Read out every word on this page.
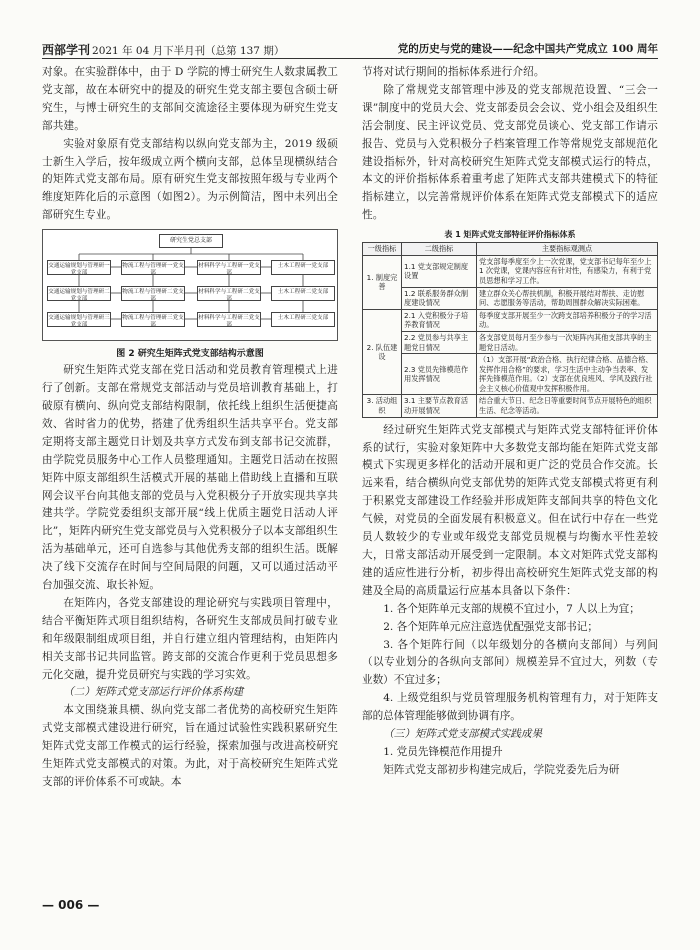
西部学刊 2021 年 04 月下半月刊（总第 137 期）	党的历史与党的建设——纪念中国共产党成立 100 周年

对象。在实验群体中，由于 D 学院的博士研究生人数隶属教工党支部，故在本研究中的提及的研究生党支部主要包含硕士研究生，与博士研究生的支部间交流途径主要体现为研究生党支部共建。

实验对象原有党支部结构以纵向党支部为主，2019 级硕士新生入学后，按年级成立两个横向支部，总体呈现横纵结合的矩阵式党支部布局。原有研究生党支部按照年级与专业两个维度矩阵化后的示意图（如图2）。为示例简洁，图中未列出全部研究生专业。

研究生党总支部
交通运输规划与管理研一党支部
物流工程与管理研一党支部
材料科学与工程研一党支部
土木工程研一党支部
交通运输规划与管理研二党支部
物流工程与管理研二党支部
材料科学与工程研二党支部
土木工程研二党支部
交通运输规划与管理研三党支部
物流工程与管理研三党支部
材料科学与工程研三党支部
土木工程研三党支部
图 2 研究生矩阵式党支部结构示意图

研究生矩阵式党支部在党日活动和党员教育管理模式上进行了创新。支部在常规党支部活动与党员培训教育基础上，打破原有横向、纵向党支部结构限制，依托线上组织生活便捷高效、省时省力的优势，搭建了优秀组织生活共享平台。党支部定期将支部主题党日计划及共享方式发布到支部书记交流群，由学院党员服务中心工作人员整理通知。主题党日活动在按照矩阵中原支部组织生活模式开展的基础上借助线上直播和互联网会议平台向其他支部的党员与入党积极分子开放实现共享共建共学。学院党委组织支部开展“线上优质主题党日活动人评比”，矩阵内研究生党支部党员与入党积极分子以本支部组织生活为基础单元，还可自选参与其他优秀支部的组织生活。既解决了线下交流存在时间与空间局限的问题，又可以通过活动平台加强交流、取长补短。

在矩阵内，各党支部建设的理论研究与实践项目管理中，结合平衡矩阵式项目组织结构，各研究生支部成员间打破专业和年级限制组成项目组，并自行建立组内管理结构，由矩阵内相关支部书记共同监管。跨支部的交流合作更利于党员思想多元化交融，提升党员研究与实践的学习实效。

（二）矩阵式党支部运行评价体系构建

本文围绕兼具横、纵向党支部二者优势的高校研究生矩阵式党支部模式建设进行研究，旨在通过试验性实践积累研究生矩阵式党支部工作模式的运行经验，探索加强与改进高校研究生矩阵式党支部模式的对策。为此，对于高校研究生矩阵式党支部的评价体系不可或缺。本

节将对试行期间的指标体系进行介绍。

除了常规党支部管理中涉及的党支部规范设置、“三会一课”制度中的党员大会、党支部委员会会议、党小组会及组织生活会制度、民主评议党员、党支部党员谈心、党支部工作请示报告、党员与入党积极分子档案管理工作等常规党支部规范化建设指标外，针对高校研究生矩阵式党支部模式运行的特点，本文的评价指标体系着重考虑了矩阵式支部共建模式下的特征指标建立，以完善常规评价体系在矩阵式党支部模式下的适应性。

表 1 矩阵式党支部特征评价指标体系
一级指标	二级指标	主要指标观测点
1. 制度完善	1.1 党支部规定制度设置	党支部每季度至少上一次党课，党支部书记每年至少上 1 次党课，党课内容应有针对性，有感染力，有利于党员思想和学习工作。
	1.2 联系服务群众制度建设情况	建立群众关心帮扶机制，积极开展结对帮扶、走访慰问、志愿服务等活动，帮助周围群众解决实际困难。
2. 队伍建设	2.1 入党积极分子培养教育情况	每季度支部开展至少一次跨支部培养积极分子的学习活动。
	2.2 党员参与共享主题党日情况	各支部党员每月至少参与一次矩阵内其他支部共享的主题党日活动。
	2.3 党员先锋模范作用发挥情况	（1）支部开展“政治合格、执行纪律合格、品德合格、发挥作用合格”的要求，学习生活中主动争当表率、发挥先锋模范作用。（2）支部在优良班风、学风及践行社会主义核心价值观中发挥积极作用。
3. 活动组织	3.1 主要节点教育活动开展情况	结合重大节日、纪念日等重要时间节点开展特色的组织生活、纪念等活动。

经过研究生矩阵式党支部模式与矩阵式党支部特征评价体系的试行，实验对象矩阵中大多数党支部均能在矩阵式党支部模式下实现更多样化的活动开展和更广泛的党员合作交流。长远来看，结合横纵向党支部优势的矩阵式党支部模式将更有利于积累党支部建设工作经验并形成矩阵支部间共享的特色文化气候，对党员的全面发展有积极意义。但在试行中存在一些党员人数较少的专业或年级党支部党员规模与均衡水平性差较大，日常支部活动开展受到一定限制。本文对矩阵式党支部构建的适应性进行分析，初步得出高校研究生矩阵式党支部的构建及全局的高质量运行应基本具备以下条件：

1. 各个矩阵单元支部的规模不宜过小，7 人以上为宜；

2. 各个矩阵单元应注意选优配强党支部书记；

3. 各个矩阵行间（以年级划分的各横向支部间）与列间（以专业划分的各纵向支部间）规模差异不宜过大，列数（专业数）不宜过多；

4. 上级党组织与党员管理服务机构管理有力，对于矩阵支部的总体管理能够做到协调有序。

（三）矩阵式党支部模式实践成果

1. 党员先锋模范作用提升

矩阵式党支部初步构建完成后，学院党委先后为研

— 006 —
